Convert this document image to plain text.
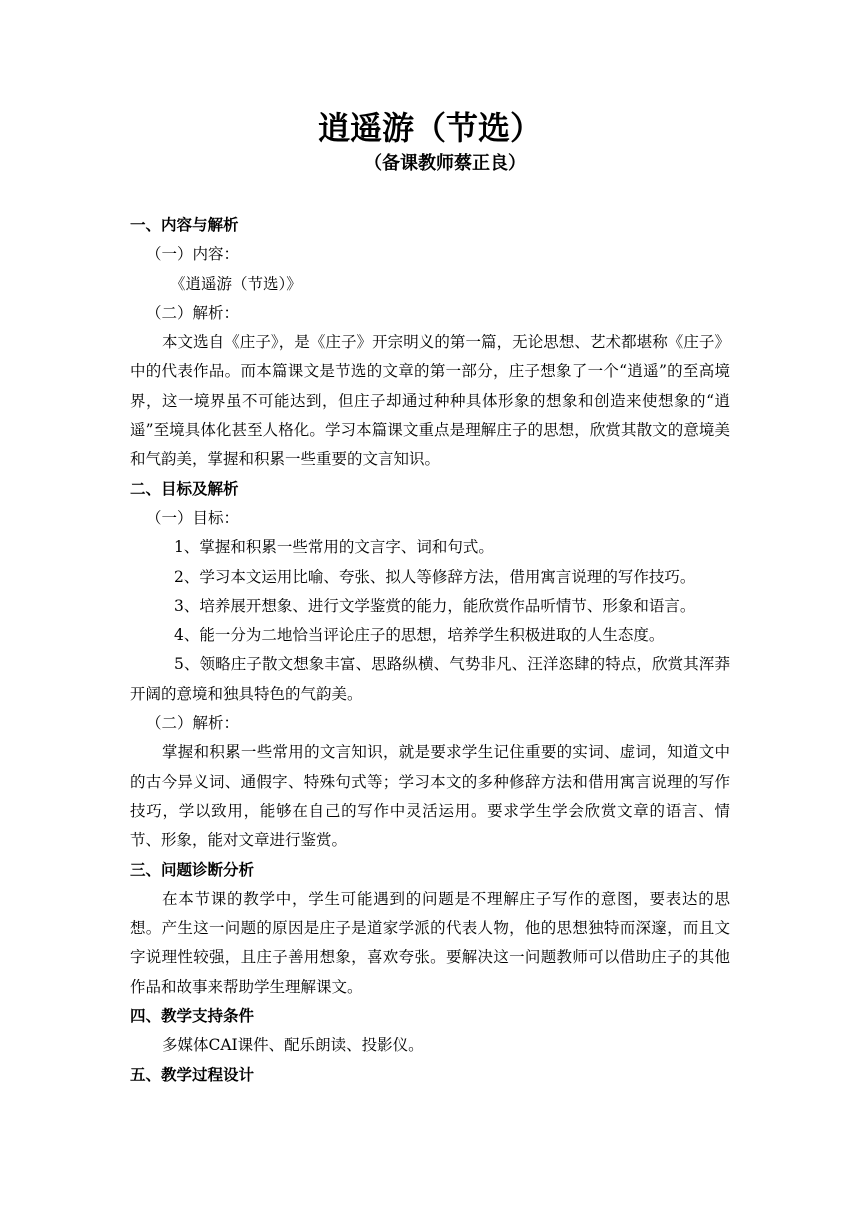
逍遥游（节选）
（备课教师蔡正良）
一、内容与解析
（一）内容：
《逍遥游（节选）》
（二）解析：
本文选自《庄子》，是《庄子》开宗明义的第一篇，无论思想、艺术都堪称《庄子》中的代表作品。而本篇课文是节选的文章的第一部分，庄子想象了一个“逍遥”的至高境界，这一境界虽不可能达到，但庄子却通过种种具体形象的想象和创造来使想象的“逍遥”至境具体化甚至人格化。学习本篇课文重点是理解庄子的思想，欣赏其散文的意境美和气韵美，掌握和积累一些重要的文言知识。
二、目标及解析
（一）目标：
1、掌握和积累一些常用的文言字、词和句式。
2、学习本文运用比喻、夸张、拟人等修辞方法，借用寓言说理的写作技巧。
3、培养展开想象、进行文学鉴赏的能力，能欣赏作品听情节、形象和语言。
4、能一分为二地恰当评论庄子的思想，培养学生积极进取的人生态度。
5、领略庄子散文想象丰富、思路纵横、气势非凡、汪洋恣肆的特点，欣赏其浑莽开阔的意境和独具特色的气韵美。
（二）解析：
掌握和积累一些常用的文言知识，就是要求学生记住重要的实词、虚词，知道文中的古今异义词、通假字、特殊句式等；学习本文的多种修辞方法和借用寓言说理的写作技巧，学以致用，能够在自己的写作中灵活运用。要求学生学会欣赏文章的语言、情节、形象，能对文章进行鉴赏。
三、问题诊断分析
在本节课的教学中，学生可能遇到的问题是不理解庄子写作的意图，要表达的思想。产生这一问题的原因是庄子是道家学派的代表人物，他的思想独特而深邃，而且文字说理性较强，且庄子善用想象，喜欢夸张。要解决这一问题教师可以借助庄子的其他作品和故事来帮助学生理解课文。
四、教学支持条件
多媒体CAI课件、配乐朗读、投影仪。
五、教学过程设计
